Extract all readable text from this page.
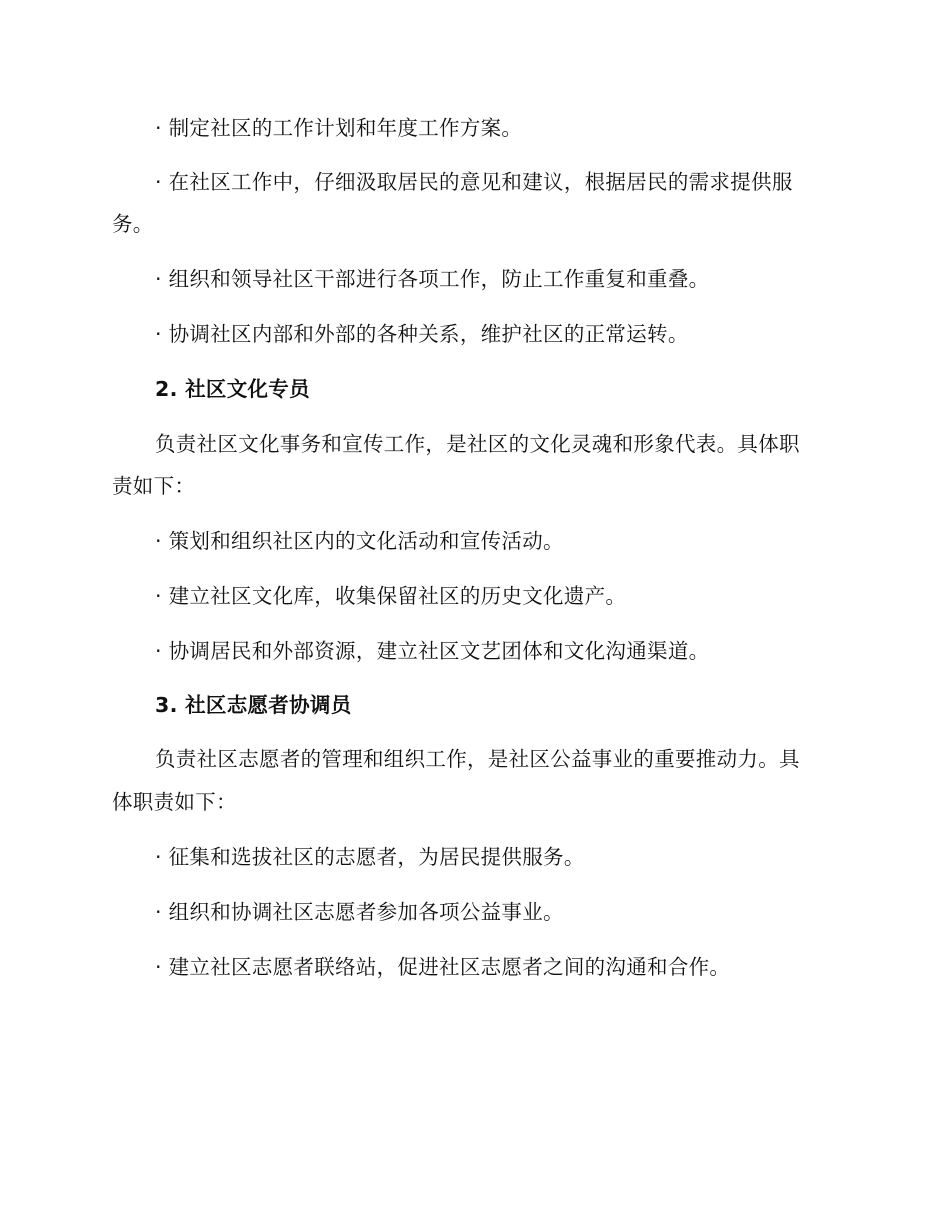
· 制定社区的工作计划和年度工作方案。
· 在社区工作中，仔细汲取居民的意见和建议，根据居民的需求提供服
务。
· 组织和领导社区干部进行各项工作，防止工作重复和重叠。
· 协调社区内部和外部的各种关系，维护社区的正常运转。
2. 社区文化专员
负责社区文化事务和宣传工作，是社区的文化灵魂和形象代表。具体职
责如下：
· 策划和组织社区内的文化活动和宣传活动。
· 建立社区文化库，收集保留社区的历史文化遗产。
· 协调居民和外部资源，建立社区文艺团体和文化沟通渠道。
3. 社区志愿者协调员
负责社区志愿者的管理和组织工作，是社区公益事业的重要推动力。具
体职责如下：
· 征集和选拔社区的志愿者，为居民提供服务。
· 组织和协调社区志愿者参加各项公益事业。
· 建立社区志愿者联络站，促进社区志愿者之间的沟通和合作。
